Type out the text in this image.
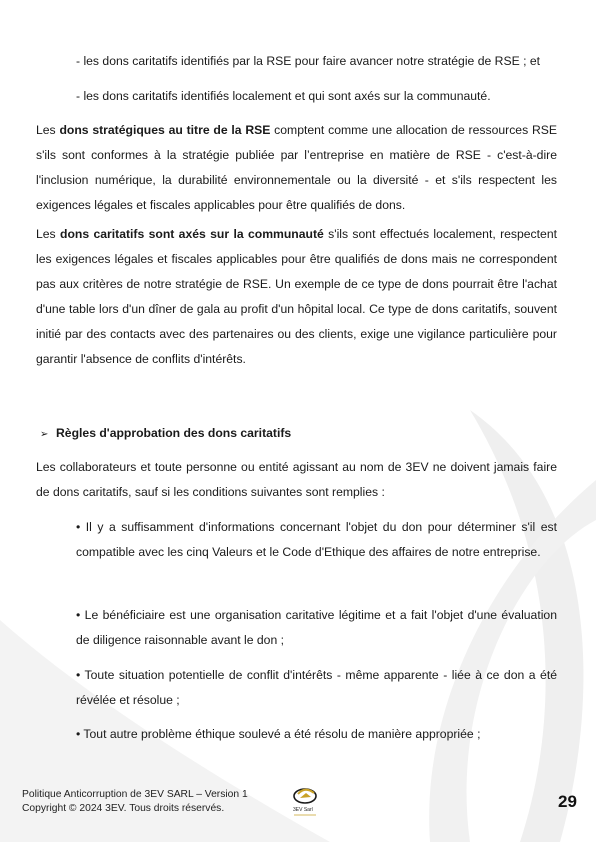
- les dons caritatifs identifiés par la RSE pour faire avancer notre stratégie de RSE ; et
- les dons caritatifs identifiés localement et qui sont axés sur la communauté.
Les dons stratégiques au titre de la RSE comptent comme une allocation de ressources RSE s'ils sont conformes à la stratégie publiée par l’entreprise en matière de RSE - c'est-à-dire l'inclusion numérique, la durabilité environnementale ou la diversité - et s'ils respectent les exigences légales et fiscales applicables pour être qualifiés de dons.
Les dons caritatifs sont axés sur la communauté s'ils sont effectués localement, respectent les exigences légales et fiscales applicables pour être qualifiés de dons mais ne correspondent pas aux critères de notre stratégie de RSE. Un exemple de ce type de dons pourrait être l'achat d'une table lors d'un dîner de gala au profit d'un hôpital local. Ce type de dons caritatifs, souvent initié par des contacts avec des partenaires ou des clients, exige une vigilance particulière pour garantir l'absence de conflits d'intérêts.
➢ Règles d'approbation des dons caritatifs
Les collaborateurs et toute personne ou entité agissant au nom de 3EV ne doivent jamais faire de dons caritatifs, sauf si les conditions suivantes sont remplies :
• Il y a suffisamment d'informations concernant l'objet du don pour déterminer s'il est compatible avec les cinq Valeurs et le Code d'Ethique des affaires de notre entreprise.
• Le bénéficiaire est une organisation caritative légitime et a fait l'objet d'une évaluation de diligence raisonnable avant le don ;
• Toute situation potentielle de conflit d'intérêts - même apparente - liée à ce don a été révélée et résolue ;
• Tout autre problème éthique soulevé a été résolu de manière appropriée ;
Politique Anticorruption de 3EV SARL – Version 1
Copyright © 2024 3EV. Tous droits réservés.	3EV Sarl	29
